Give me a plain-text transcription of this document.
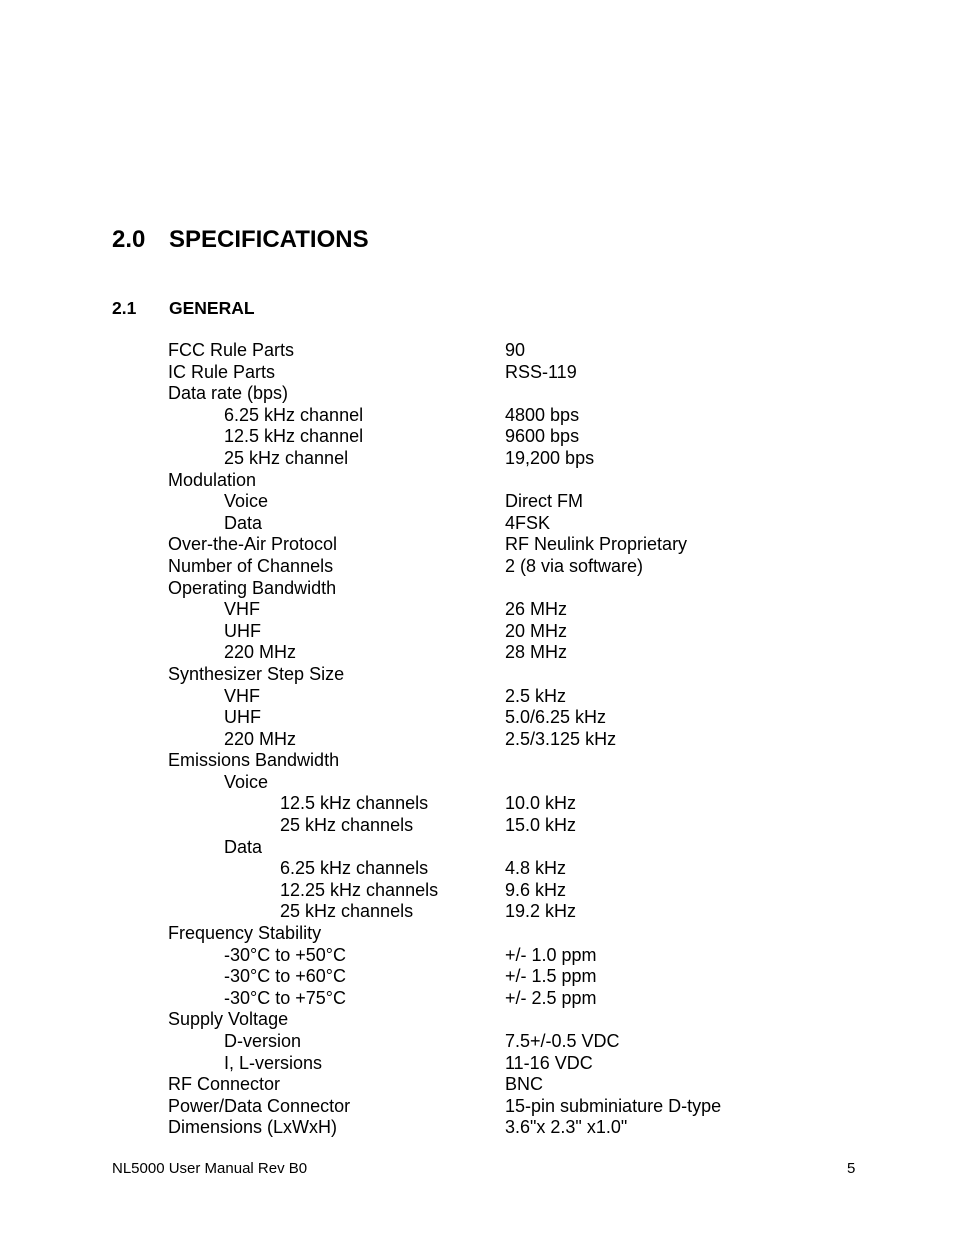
2.0 SPECIFICATIONS
2.1 GENERAL
FCC Rule Parts	90
IC Rule Parts	RSS-119
Data rate (bps)
6.25 kHz channel	4800 bps
12.5 kHz channel	9600 bps
25 kHz channel	19,200 bps
Modulation
Voice	Direct FM
Data	4FSK
Over-the-Air Protocol	RF Neulink Proprietary
Number of Channels	2 (8 via software)
Operating Bandwidth
VHF	26 MHz
UHF	20 MHz
220 MHz	28 MHz
Synthesizer Step Size
VHF	2.5 kHz
UHF	5.0/6.25 kHz
220 MHz	2.5/3.125 kHz
Emissions Bandwidth
Voice
12.5 kHz channels	10.0 kHz
25 kHz channels	15.0 kHz
Data
6.25 kHz channels	4.8 kHz
12.25 kHz channels	9.6 kHz
25 kHz channels	19.2 kHz
Frequency Stability
-30°C to +50°C	+/- 1.0 ppm
-30°C to +60°C	+/- 1.5 ppm
-30°C to +75°C	+/- 2.5 ppm
Supply Voltage
D-version	7.5+/-0.5 VDC
I, L-versions	11-16 VDC
RF Connector	BNC
Power/Data Connector	15-pin subminiature D-type
Dimensions (LxWxH)	3.6"x 2.3" x1.0"
NL5000 User Manual Rev B0	5
